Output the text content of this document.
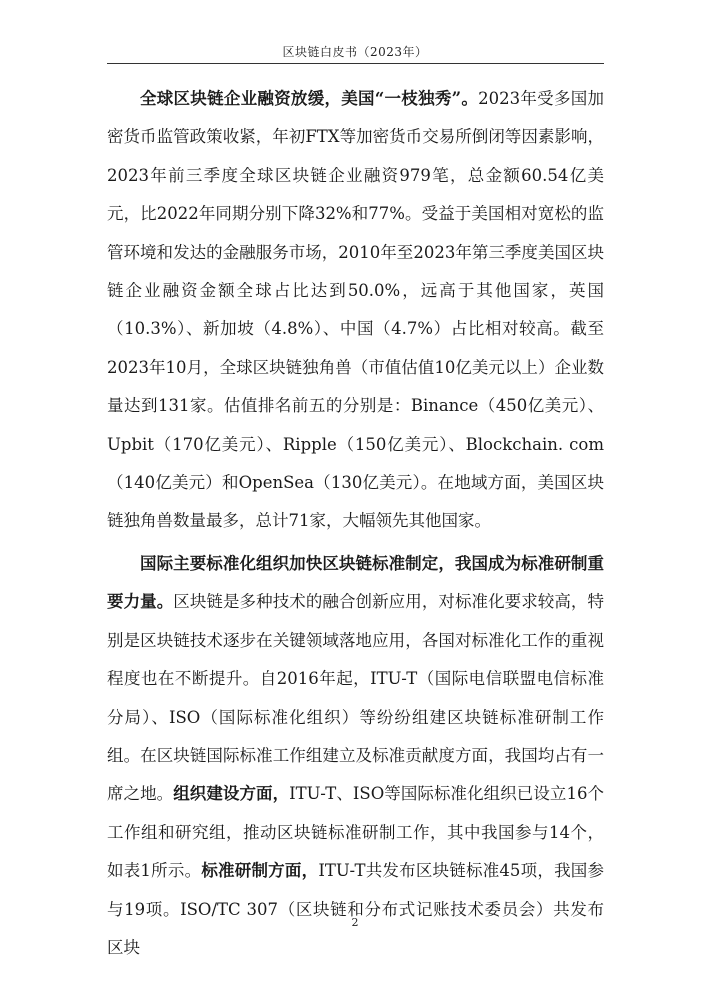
区块链白皮书（2023年）

全球区块链企业融资放缓，美国“一枝独秀”。2023年受多国加密货币监管政策收紧，年初FTX等加密货币交易所倒闭等因素影响，2023年前三季度全球区块链企业融资979笔，总金额60.54亿美元，比2022年同期分别下降32%和77%。受益于美国相对宽松的监管环境和发达的金融服务市场，2010年至2023年第三季度美国区块链企业融资金额全球占比达到50.0%，远高于其他国家，英国（10.3%）、新加坡（4.8%）、中国（4.7%）占比相对较高。截至2023年10月，全球区块链独角兽（市值估值10亿美元以上）企业数量达到131家。估值排名前五的分别是：Binance（450亿美元）、Upbit（170亿美元）、Ripple（150亿美元）、Blockchain. com（140亿美元）和OpenSea（130亿美元）。在地域方面，美国区块链独角兽数量最多，总计71家，大幅领先其他国家。

国际主要标准化组织加快区块链标准制定，我国成为标准研制重要力量。区块链是多种技术的融合创新应用，对标准化要求较高，特别是区块链技术逐步在关键领域落地应用，各国对标准化工作的重视程度也在不断提升。自2016年起，ITU-T（国际电信联盟电信标准分局）、ISO（国际标准化组织）等纷纷组建区块链标准研制工作组。在区块链国际标准工作组建立及标准贡献度方面，我国均占有一席之地。组织建设方面，ITU-T、ISO等国际标准化组织已设立16个工作组和研究组，推动区块链标准研制工作，其中我国参与14个，如表1所示。标准研制方面，ITU-T共发布区块链标准45项，我国参与19项。ISO/TC 307（区块链和分布式记账技术委员会）共发布区块

2
